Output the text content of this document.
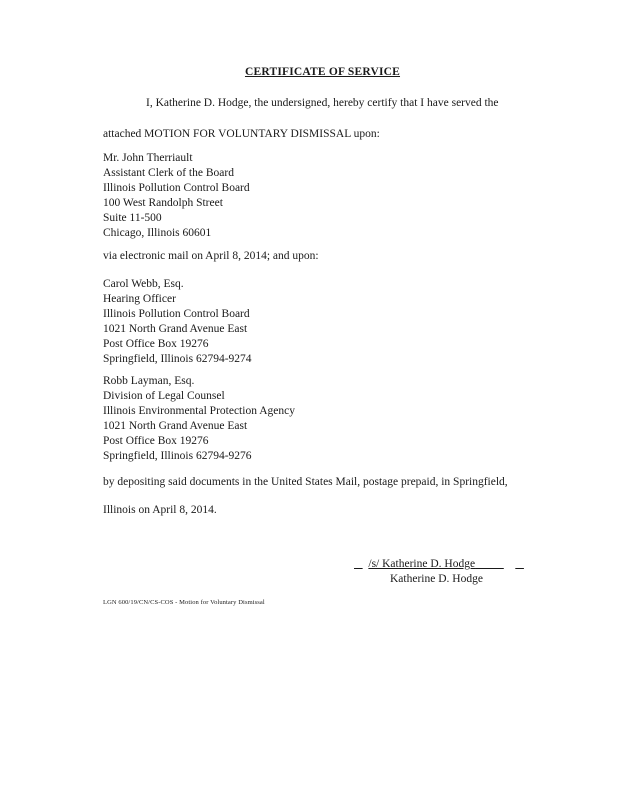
CERTIFICATE OF SERVICE
I, Katherine D. Hodge, the undersigned, hereby certify that I have served the
attached MOTION FOR VOLUNTARY DISMISSAL upon:
Mr. John Therriault
Assistant Clerk of the Board
Illinois Pollution Control Board
100 West Randolph Street
Suite 11-500
Chicago, Illinois 60601
via electronic mail on April 8, 2014; and upon:
Carol Webb, Esq.
Hearing Officer
Illinois Pollution Control Board
1021 North Grand Avenue East
Post Office Box 19276
Springfield, Illinois 62794-9274
Robb Layman, Esq.
Division of Legal Counsel
Illinois Environmental Protection Agency
1021 North Grand Avenue East
Post Office Box 19276
Springfield, Illinois 62794-9276
by depositing said documents in the United States Mail, postage prepaid, in Springfield,
Illinois on April 8, 2014.
/s/ Katherine D. Hodge
Katherine D. Hodge
LGN 600/19/CN/CS-COS - Motion for Voluntary Dismissal
